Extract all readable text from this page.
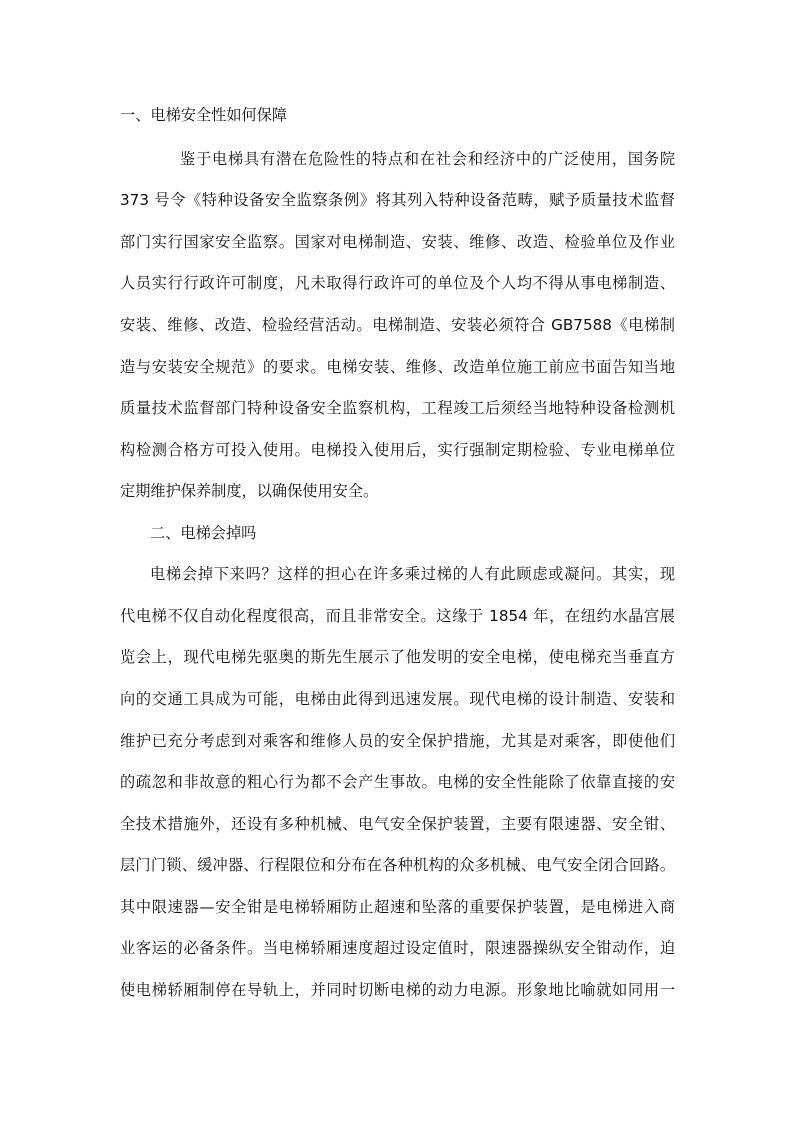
一、电梯安全性如何保障
鉴于电梯具有潜在危险性的特点和在社会和经济中的广泛使用，国务院
373 号令《特种设备安全监察条例》将其列入特种设备范畴，赋予质量技术监督
部门实行国家安全监察。国家对电梯制造、安装、维修、改造、检验单位及作业
人员实行行政许可制度，凡未取得行政许可的单位及个人均不得从事电梯制造、
安装、维修、改造、检验经营活动。电梯制造、安装必须符合 GB7588《电梯制
造与安装安全规范》的要求。电梯安装、维修、改造单位施工前应书面告知当地
质量技术监督部门特种设备安全监察机构，工程竣工后须经当地特种设备检测机
构检测合格方可投入使用。电梯投入使用后，实行强制定期检验、专业电梯单位
定期维护保养制度，以确保使用安全。
二、电梯会掉吗
电梯会掉下来吗？这样的担心在许多乘过梯的人有此顾虑或凝问。其实，现
代电梯不仅自动化程度很高，而且非常安全。这缘于 1854 年，在纽约水晶宫展
览会上，现代电梯先驱奥的斯先生展示了他发明的安全电梯，使电梯充当垂直方
向的交通工具成为可能，电梯由此得到迅速发展。现代电梯的设计制造、安装和
维护已充分考虑到对乘客和维修人员的安全保护措施，尤其是对乘客，即使他们
的疏忽和非故意的粗心行为都不会产生事故。电梯的安全性能除了依靠直接的安
全技术措施外，还设有多种机械、电气安全保护装置，主要有限速器、安全钳、
层门门锁、缓冲器、行程限位和分布在各种机构的众多机械、电气安全闭合回路。
其中限速器—安全钳是电梯轿厢防止超速和坠落的重要保护装置，是电梯进入商
业客运的必备条件。当电梯轿厢速度超过设定值时，限速器操纵安全钳动作，迫
使电梯轿厢制停在导轨上，并同时切断电梯的动力电源。形象地比喻就如同用一
